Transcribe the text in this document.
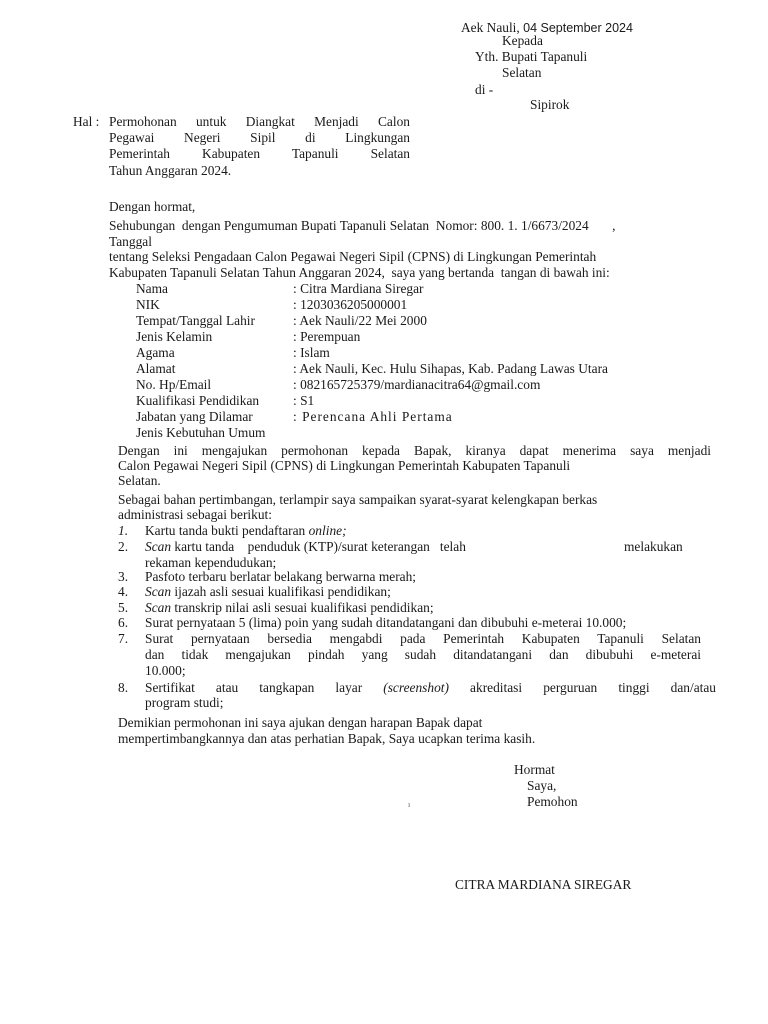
Aek Nauli, 04 September 2024
Kepada
Yth. Bupati Tapanuli
Selatan
di -
Sipirok
Hal : Permohonan untuk Diangkat Menjadi Calon
Pegawai Negeri Sipil di Lingkungan
Pemerintah Kabupaten Tapanuli Selatan
Tahun Anggaran 2024.
Dengan hormat,
Sehubungan  dengan Pengumuman Bupati Tapanuli Selatan  Nomor: 800. 1. 1/6673/2024       ,
Tanggal
tentang Seleksi Pengadaan Calon Pegawai Negeri Sipil (CPNS) di Lingkungan Pemerintah
Kabupaten Tapanuli Selatan Tahun Anggaran 2024,  saya yang bertanda  tangan di bawah ini:
Nama	: Citra Mardiana Siregar
NIK	: 1203036205000001
Tempat/Tanggal Lahir	: Aek Nauli/22 Mei 2000
Jenis Kelamin	: Perempuan
Agama	: Islam
Alamat	: Aek Nauli, Kec. Hulu Sihapas, Kab. Padang Lawas Utara
No. Hp/Email	: 082165725379/mardianacitra64@gmail.com
Kualifikasi Pendidikan	: S1
Jabatan yang Dilamar	: Perencana Ahli Pertama
Jenis Kebutuhan Umum
Dengan ini mengajukan permohonan kepada Bapak, kiranya dapat menerima saya menjadi
Calon Pegawai Negeri Sipil (CPNS) di Lingkungan Pemerintah Kabupaten Tapanuli
Selatan.
Sebagai bahan pertimbangan, terlampir saya sampaikan syarat-syarat kelengkapan berkas
administrasi sebagai berikut:
1. Kartu tanda bukti pendaftaran online;
2. Scan kartu tanda    penduduk (KTP)/surat keterangan   telah	melakukan
rekaman kependudukan;
3. Pasfoto terbaru berlatar belakang berwarna merah;
4. Scan ijazah asli sesuai kualifikasi pendidikan;
5. Scan transkrip nilai asli sesuai kualifikasi pendidikan;
6. Surat pernyataan 5 (lima) poin yang sudah ditandatangani dan dibubuhi e-meterai 10.000;
7. Surat pernyataan bersedia mengabdi pada Pemerintah Kabupaten Tapanuli Selatan
dan tidak mengajukan pindah yang sudah ditandatangani dan dibubuhi e-meterai
10.000;
8. Sertifikat atau tangkapan layar (screenshot) akreditasi perguruan tinggi dan/atau
program studi;
Demikian permohonan ini saya ajukan dengan harapan Bapak dapat
mempertimbangkannya dan atas perhatian Bapak, Saya ucapkan terima kasih.
Hormat
Saya,
ı	Pemohon
CITRA MARDIANA SIREGAR
